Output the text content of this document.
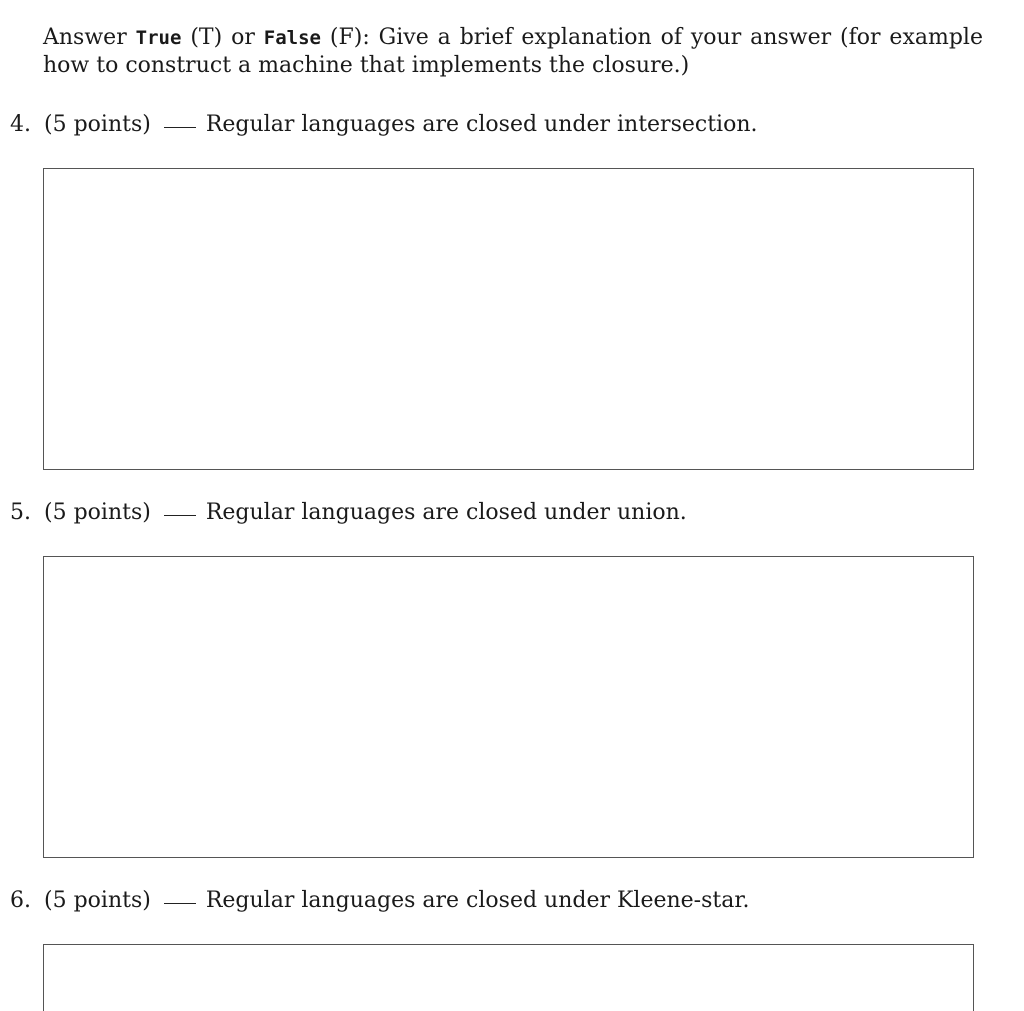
Answer True (T) or False (F): Give a brief explanation of your answer (for example how to construct a machine that implements the closure.)
4. (5 points)	Regular languages are closed under intersection.
5. (5 points)	Regular languages are closed under union.
6. (5 points)	Regular languages are closed under Kleene-star.
